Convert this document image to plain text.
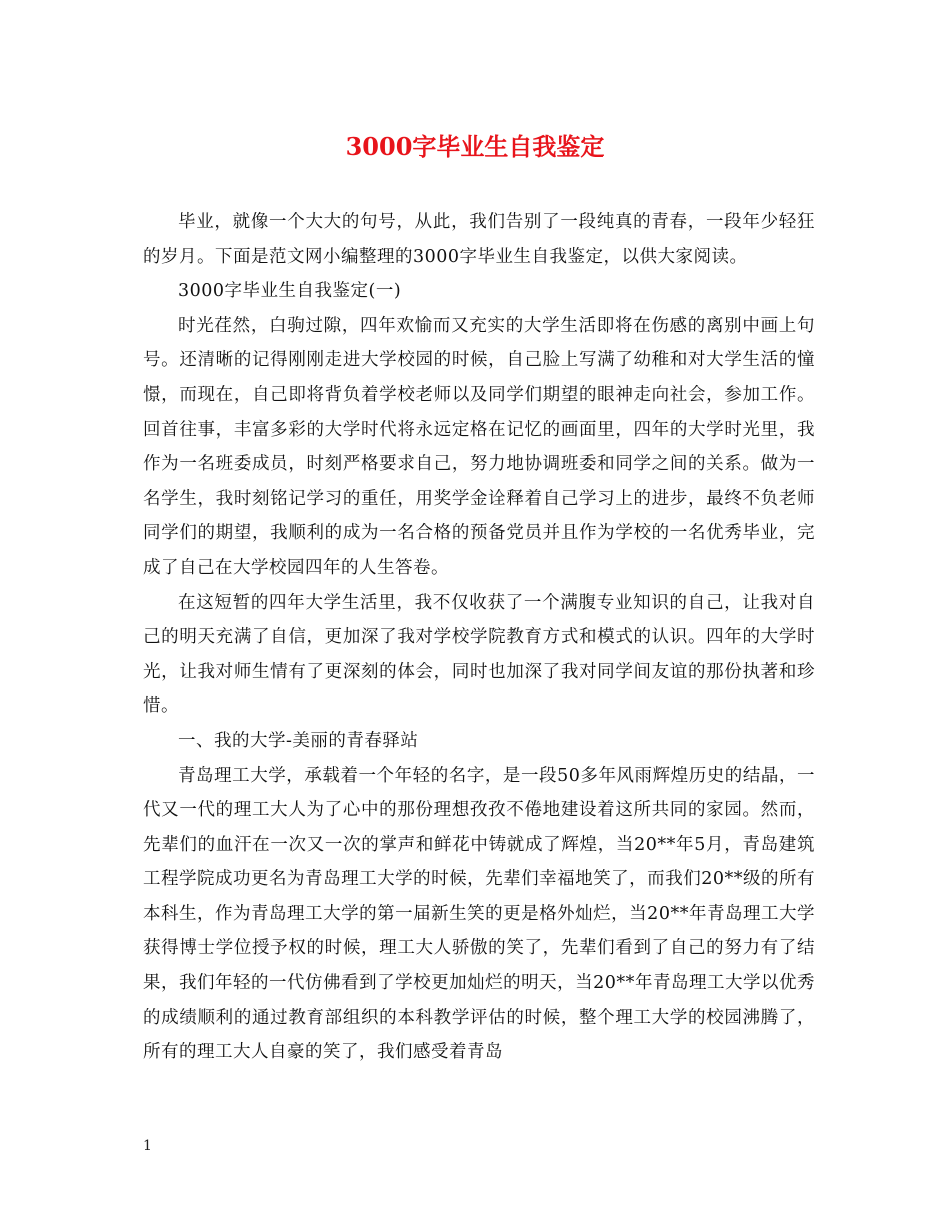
3000字毕业生自我鉴定

毕业，就像一个大大的句号，从此，我们告别了一段纯真的青春，一段年少轻狂的岁月。下面是范文网小编整理的3000字毕业生自我鉴定，以供大家阅读。

3000字毕业生自我鉴定(一)

时光荏然，白驹过隙，四年欢愉而又充实的大学生活即将在伤感的离别中画上句号。还清晰的记得刚刚走进大学校园的时候，自己脸上写满了幼稚和对大学生活的憧憬，而现在，自己即将背负着学校老师以及同学们期望的眼神走向社会，参加工作。回首往事，丰富多彩的大学时代将永远定格在记忆的画面里，四年的大学时光里，我作为一名班委成员，时刻严格要求自己，努力地协调班委和同学之间的关系。做为一名学生，我时刻铭记学习的重任，用奖学金诠释着自己学习上的进步，最终不负老师同学们的期望，我顺利的成为一名合格的预备党员并且作为学校的一名优秀毕业，完成了自己在大学校园四年的人生答卷。

在这短暂的四年大学生活里，我不仅收获了一个满腹专业知识的自己，让我对自己的明天充满了自信，更加深了我对学校学院教育方式和模式的认识。四年的大学时光，让我对师生情有了更深刻的体会，同时也加深了我对同学间友谊的那份执著和珍惜。

一、我的大学-美丽的青春驿站

青岛理工大学，承载着一个年轻的名字，是一段50多年风雨辉煌历史的结晶，一代又一代的理工大人为了心中的那份理想孜孜不倦地建设着这所共同的家园。然而，先辈们的血汗在一次又一次的掌声和鲜花中铸就成了辉煌，当20**年5月，青岛建筑工程学院成功更名为青岛理工大学的时候，先辈们幸福地笑了，而我们20**级的所有本科生，作为青岛理工大学的第一届新生笑的更是格外灿烂，当20**年青岛理工大学获得博士学位授予权的时候，理工大人骄傲的笑了，先辈们看到了自己的努力有了结果，我们年轻的一代仿佛看到了学校更加灿烂的明天，当20**年青岛理工大学以优秀的成绩顺利的通过教育部组织的本科教学评估的时候，整个理工大学的校园沸腾了，所有的理工大人自豪的笑了，我们感受着青岛

1
